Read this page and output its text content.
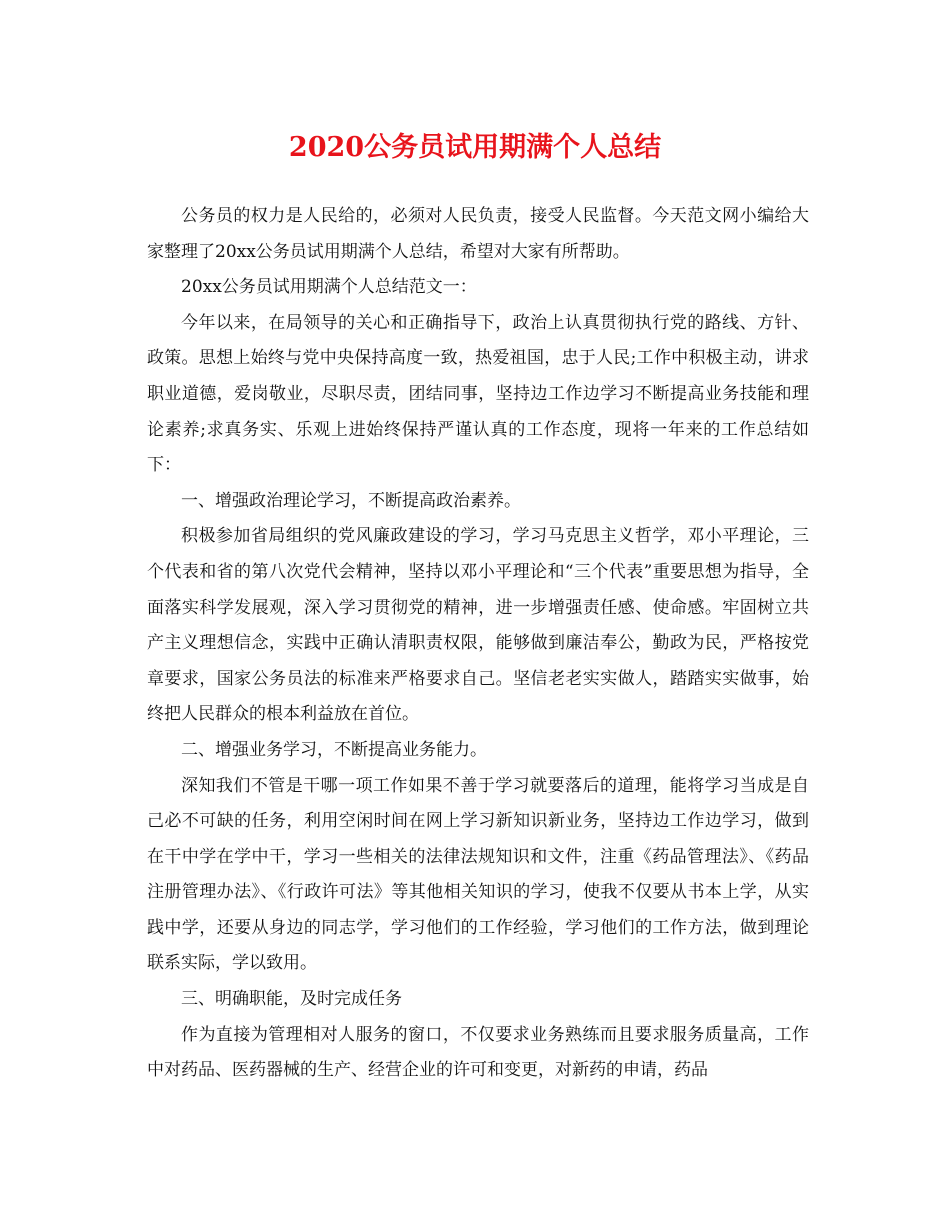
2020公务员试用期满个人总结

公务员的权力是人民给的，必须对人民负责，接受人民监督。今天范文网小编给大家整理了20xx公务员试用期满个人总结，希望对大家有所帮助。

20xx公务员试用期满个人总结范文一：

今年以来，在局领导的关心和正确指导下，政治上认真贯彻执行党的路线、方针、政策。思想上始终与党中央保持高度一致，热爱祖国，忠于人民;工作中积极主动，讲求职业道德，爱岗敬业，尽职尽责，团结同事，坚持边工作边学习不断提高业务技能和理论素养;求真务实、乐观上进始终保持严谨认真的工作态度，现将一年来的工作总结如下：

一、增强政治理论学习，不断提高政治素养。

积极参加省局组织的党风廉政建设的学习，学习马克思主义哲学，邓小平理论，三个代表和省的第八次党代会精神，坚持以邓小平理论和“三个代表”重要思想为指导，全面落实科学发展观，深入学习贯彻党的精神，进一步增强责任感、使命感。牢固树立共产主义理想信念，实践中正确认清职责权限，能够做到廉洁奉公，勤政为民，严格按党章要求，国家公务员法的标准来严格要求自己。坚信老老实实做人，踏踏实实做事，始终把人民群众的根本利益放在首位。

二、增强业务学习，不断提高业务能力。

深知我们不管是干哪一项工作如果不善于学习就要落后的道理，能将学习当成是自己必不可缺的任务，利用空闲时间在网上学习新知识新业务，坚持边工作边学习，做到在干中学在学中干，学习一些相关的法律法规知识和文件，注重《药品管理法》、《药品注册管理办法》、《行政许可法》等其他相关知识的学习，使我不仅要从书本上学，从实践中学，还要从身边的同志学，学习他们的工作经验，学习他们的工作方法，做到理论联系实际，学以致用。

三、明确职能，及时完成任务

作为直接为管理相对人服务的窗口，不仅要求业务熟练而且要求服务质量高，工作中对药品、医药器械的生产、经营企业的许可和变更，对新药的申请，药品
